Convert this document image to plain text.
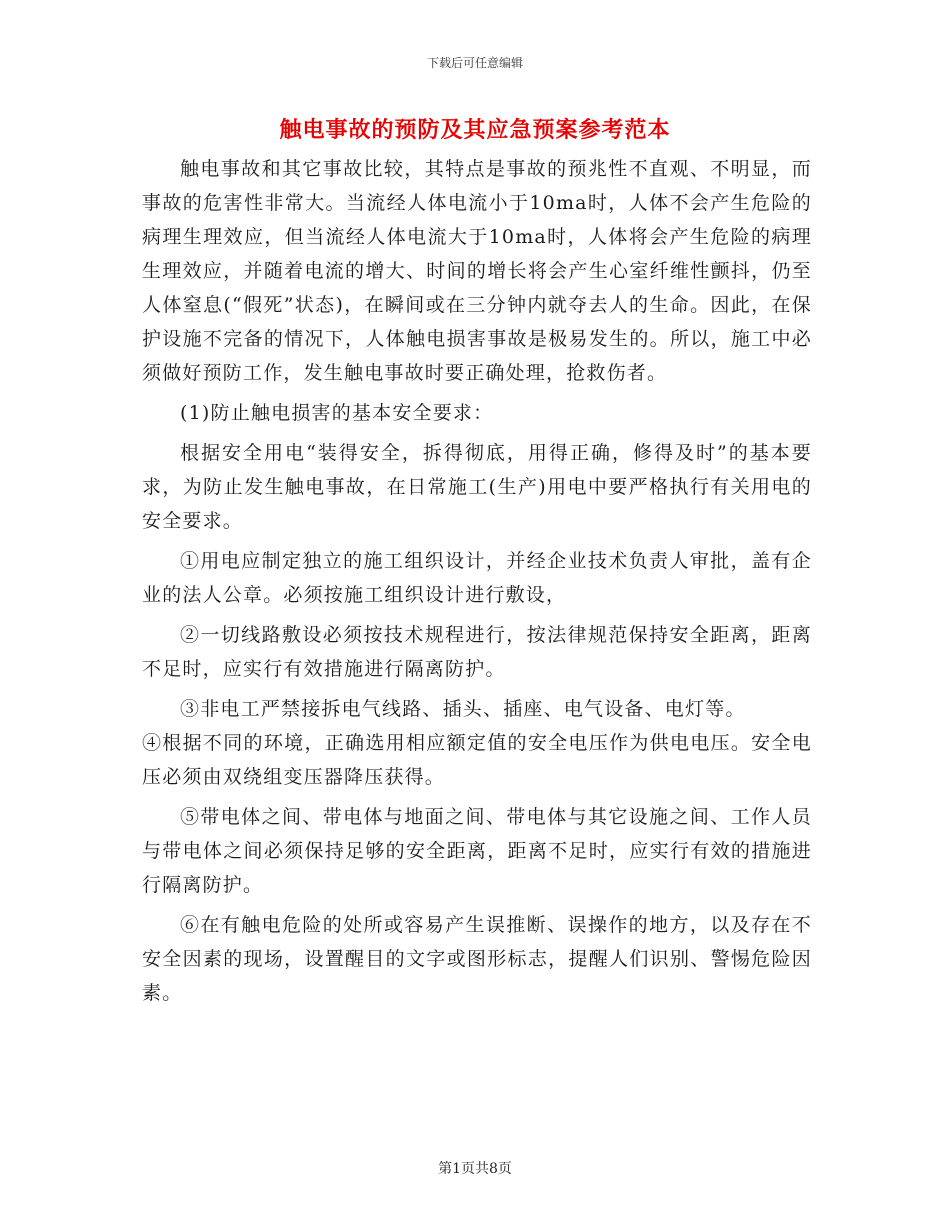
下载后可任意编辑
触电事故的预防及其应急预案参考范本

触电事故和其它事故比较，其特点是事故的预兆性不直观、不明显，而事故的危害性非常大。当流经人体电流小于10ma时，人体不会产生危险的病理生理效应，但当流经人体电流大于10ma时，人体将会产生危险的病理生理效应，并随着电流的增大、时间的增长将会产生心室纤维性颤抖，仍至人体窒息(“假死”状态)，在瞬间或在三分钟内就夺去人的生命。因此，在保护设施不完备的情况下，人体触电损害事故是极易发生的。所以，施工中必须做好预防工作，发生触电事故时要正确处理，抢救伤者。

(1)防止触电损害的基本安全要求：

根据安全用电“装得安全，拆得彻底，用得正确，修得及时”的基本要求，为防止发生触电事故，在日常施工(生产)用电中要严格执行有关用电的安全要求。

①用电应制定独立的施工组织设计，并经企业技术负责人审批，盖有企业的法人公章。必须按施工组织设计进行敷设，

②一切线路敷设必须按技术规程进行，按法律规范保持安全距离，距离不足时，应实行有效措施进行隔离防护。

③非电工严禁接拆电气线路、插头、插座、电气设备、电灯等。

④根据不同的环境，正确选用相应额定值的安全电压作为供电电压。安全电压必须由双绕组变压器降压获得。

⑤带电体之间、带电体与地面之间、带电体与其它设施之间、工作人员与带电体之间必须保持足够的安全距离，距离不足时，应实行有效的措施进行隔离防护。

⑥在有触电危险的处所或容易产生误推断、误操作的地方，以及存在不安全因素的现场，设置醒目的文字或图形标志，提醒人们识别、警惕危险因素。

第1页共8页
